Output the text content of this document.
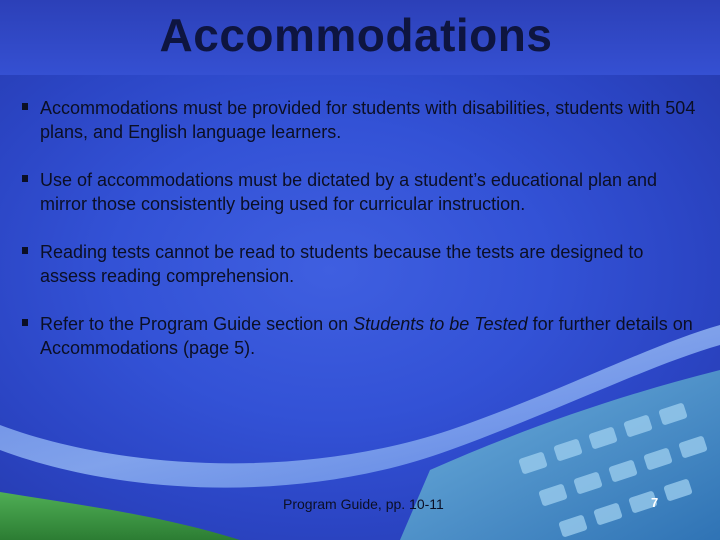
Accommodations
Accommodations must be provided for students with disabilities, students with 504 plans, and English language learners.
Use of accommodations must be dictated by a student’s educational plan and mirror those consistently being used for curricular instruction.
Reading tests cannot be read to students because the tests are designed to assess reading comprehension.
Refer to the Program Guide section on Students to be Tested for further details on Accommodations (page 5).
Program Guide, pp. 10-11	7
